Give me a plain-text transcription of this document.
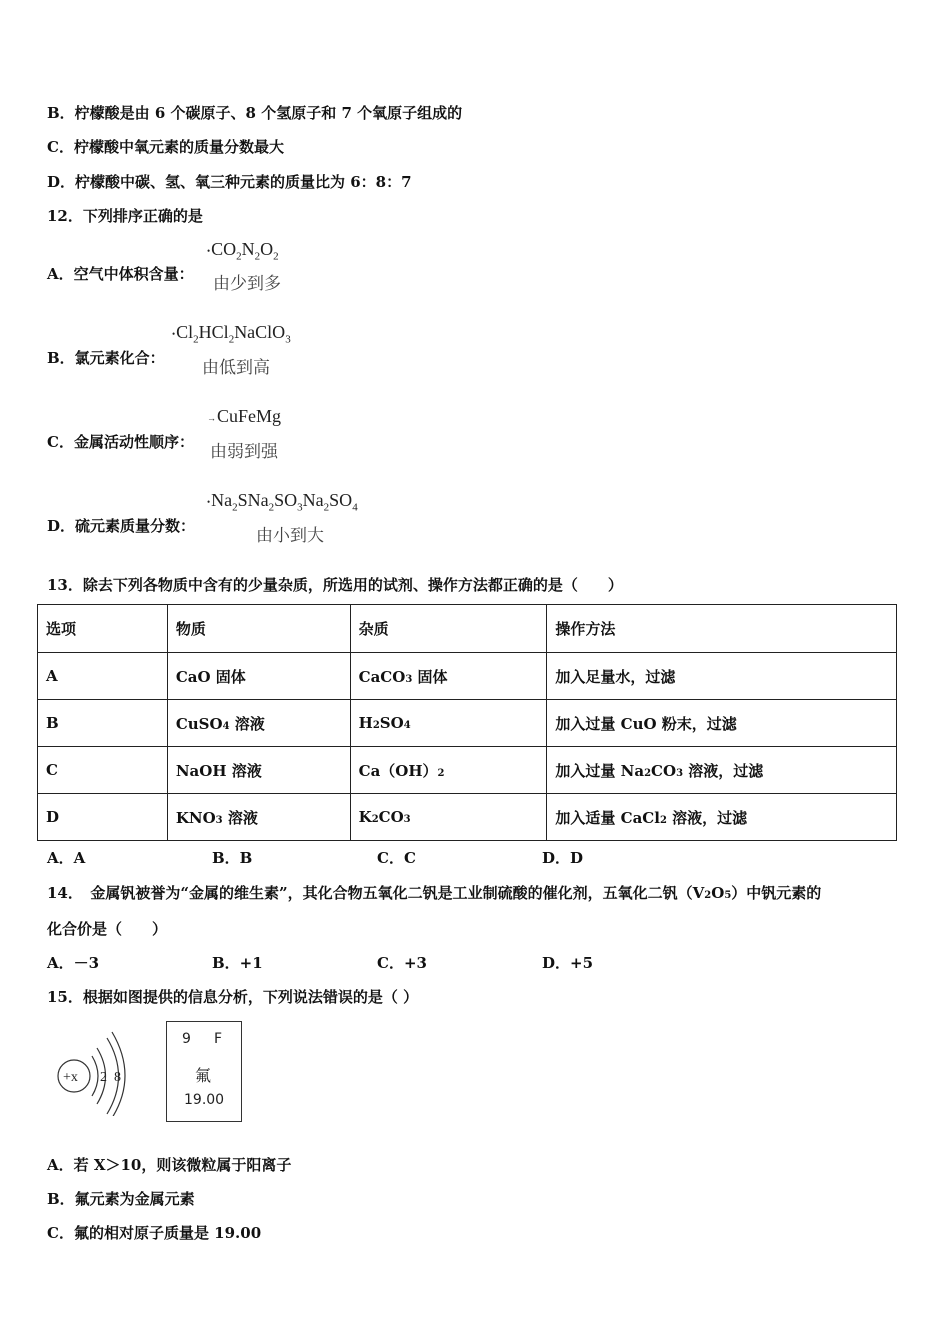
B．柠檬酸是由 6 个碳原子、8 个氢原子和 7 个氧原子组成的
C．柠檬酸中氧元素的质量分数最大
D．柠檬酸中碳、氢、氧三种元素的质量比为 6：8：7
12．下列排序正确的是
A．空气中体积含量：
$•CO_2N_2O_2$
由少到多
B．氯元素化合：
$•Cl_2HCl_2NaClO_3$
由低到高
C．金属活动性顺序：
→CuFeMg
由弱到强
D．硫元素质量分数：
$•Na_2SNa_2SO_3Na_2SO_4$
由小到大
13．除去下列各物质中含有的少量杂质，所选用的试剂、操作方法都正确的是（　　）
选项	物质	杂质	操作方法
A	CaO 固体	CaCO3 固体	加入足量水，过滤
B	CuSO4 溶液	H2SO4	加入过量 CuO 粉末，过滤
C	NaOH 溶液	Ca（OH）2	加入过量 Na2CO3 溶液，过滤
D	KNO3 溶液	K2CO3	加入适量 CaCl2 溶液，过滤
A．A	B．B	C．C	D．D
14．　金属钒被誉为“金属的维生素”，其化合物五氧化二钒是工业制硫酸的催化剂，五氧化二钒（V2O5）中钒元素的
化合价是（　　）
A．－3	B．+1	C．+3	D．+5
15．根据如图提供的信息分析，下列说法错误的是（ ）
+x 2 8
9 F
氟
19.00
A．若 X＞10，则该微粒属于阳离子
B．氟元素为金属元素
C．氟的相对原子质量是 19.00
